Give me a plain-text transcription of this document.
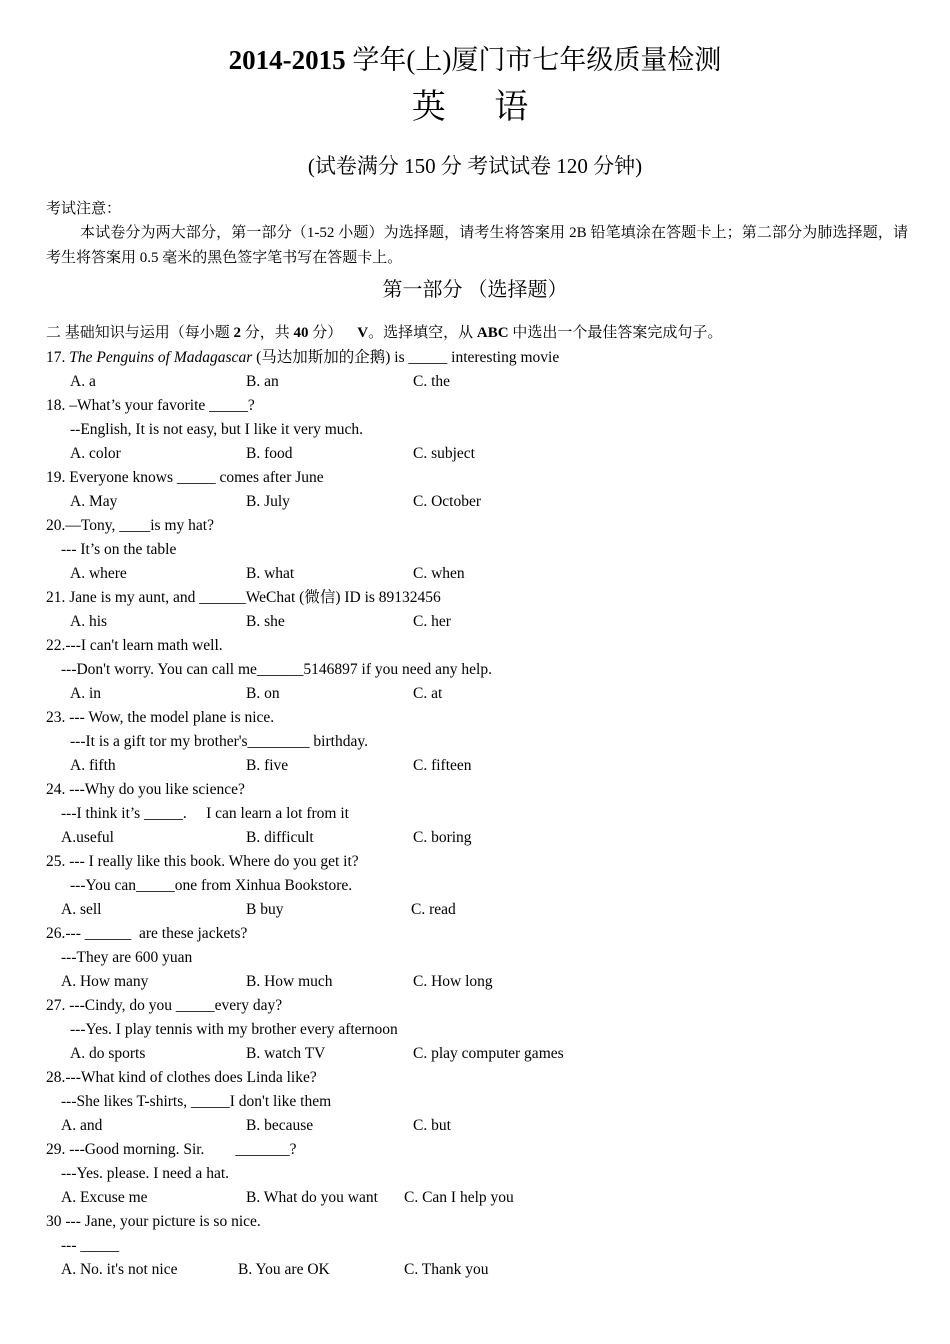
2014-2015 学年(上)厦门市七年级质量检测
英 语
(试卷满分 150 分 考试试卷 120 分钟)
考试注意：
本试卷分为两大部分，第一部分（1-52 小题）为选择题，请考生将答案用 2B 铅笔填涂在答题卡上；第二部分为肺选择题，请考生将答案用 0.5 毫米的黑色签字笔书写在答题卡上。
第一部分 （选择题）
二 基础知识与运用（每小题 2 分，共 40 分） V。选择填空，从 ABC 中选出一个最佳答案完成句子。
17. The Penguins of Madagascar (马达加斯加的企鹅) is _____ interesting movie
A. a	B. an	C. the
18. –What’s your favorite _____?
--English, It is not easy, but I like it very much.
A. color	B. food	C. subject
19. Everyone knows _____ comes after June
A. May	B. July	C. October
20.—Tony, ____is my hat?
--- It’s on the table
A. where	B. what	C. when
21. Jane is my aunt, and ______WeChat (微信) ID is 89132456
A. his	B. she	C. her
22.---I can't learn math well.
---Don't worry. You can call me______5146897 if you need any help.
A. in	B. on	C. at
23. --- Wow, the model plane is nice.
---It is a gift tor my brother's________ birthday.
A. fifth	B. five	C. fifteen
24. ---Why do you like science?
---I think it’s _____.     I can learn a lot from it
A.useful	B. difficult	C. boring
25. --- I really like this book. Where do you get it?
---You can_____one from Xinhua Bookstore.
A. sell	B buy	C. read
26.--- ______  are these jackets?
---They are 600 yuan
A. How many	B. How much	C. How long
27. ---Cindy, do you _____every day?
---Yes. I play tennis with my brother every afternoon
A. do sports	B. watch TV	C. play computer games
28.---What kind of clothes does Linda like?
---She likes T-shirts, _____I don't like them
A. and	B. because	C. but
29. ---Good morning. Sir.        _______?
---Yes. please. I need a hat.
A. Excuse me	B. What do you want C. Can I help you
30 --- Jane, your picture is so nice.
--- _____
A. No. it's not nice	B. You are OK	C. Thank you
